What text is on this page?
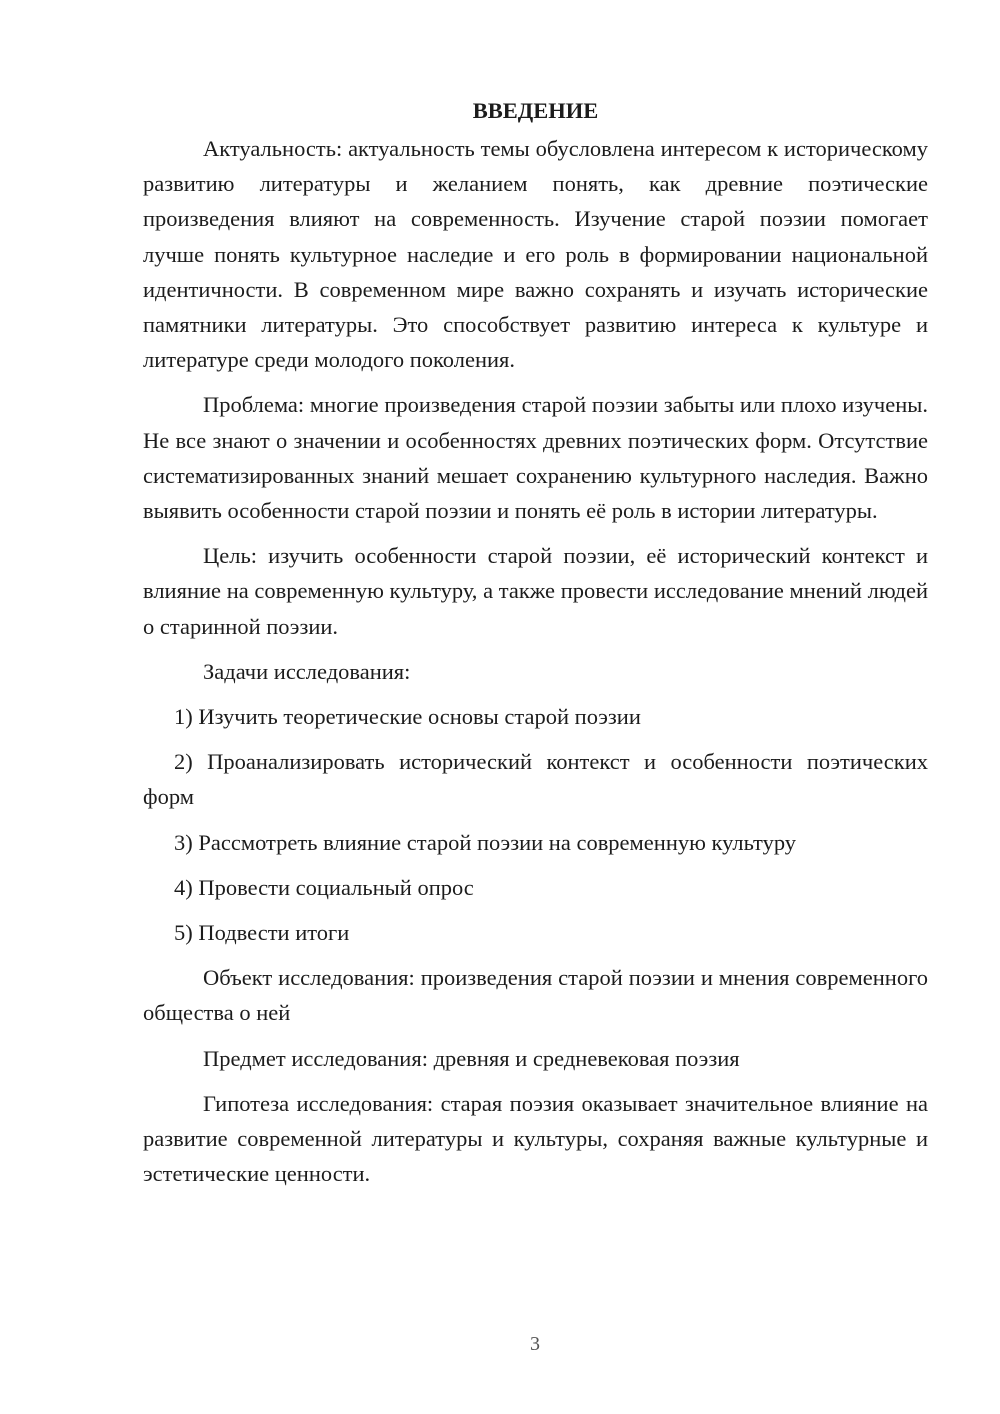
ВВЕДЕНИЕ

Актуальность: актуальность темы обусловлена интересом к историческому развитию литературы и желанием понять, как древние поэтические произведения влияют на современность. Изучение старой поэзии помогает лучше понять культурное наследие и его роль в формировании национальной идентичности. В современном мире важно сохранять и изучать исторические памятники литературы. Это способствует развитию интереса к культуре и литературе среди молодого поколения.

Проблема: многие произведения старой поэзии забыты или плохо изучены. Не все знают о значении и особенностях древних поэтических форм. Отсутствие систематизированных знаний мешает сохранению культурного наследия. Важно выявить особенности старой поэзии и понять её роль в истории литературы.

Цель: изучить особенности старой поэзии, её исторический контекст и влияние на современную культуру, а также провести исследование мнений людей о старинной поэзии.

Задачи исследования:

1) Изучить теоретические основы старой поэзии

2) Проанализировать исторический контекст и особенности поэтических форм

3) Рассмотреть влияние старой поэзии на современную культуру

4) Провести социальный опрос

5) Подвести итоги

Объект исследования: произведения старой поэзии и мнения современного общества о ней

Предмет исследования: древняя и средневековая поэзия

Гипотеза исследования: старая поэзия оказывает значительное влияние на развитие современной литературы и культуры, сохраняя важные культурные и эстетические ценности.

3
